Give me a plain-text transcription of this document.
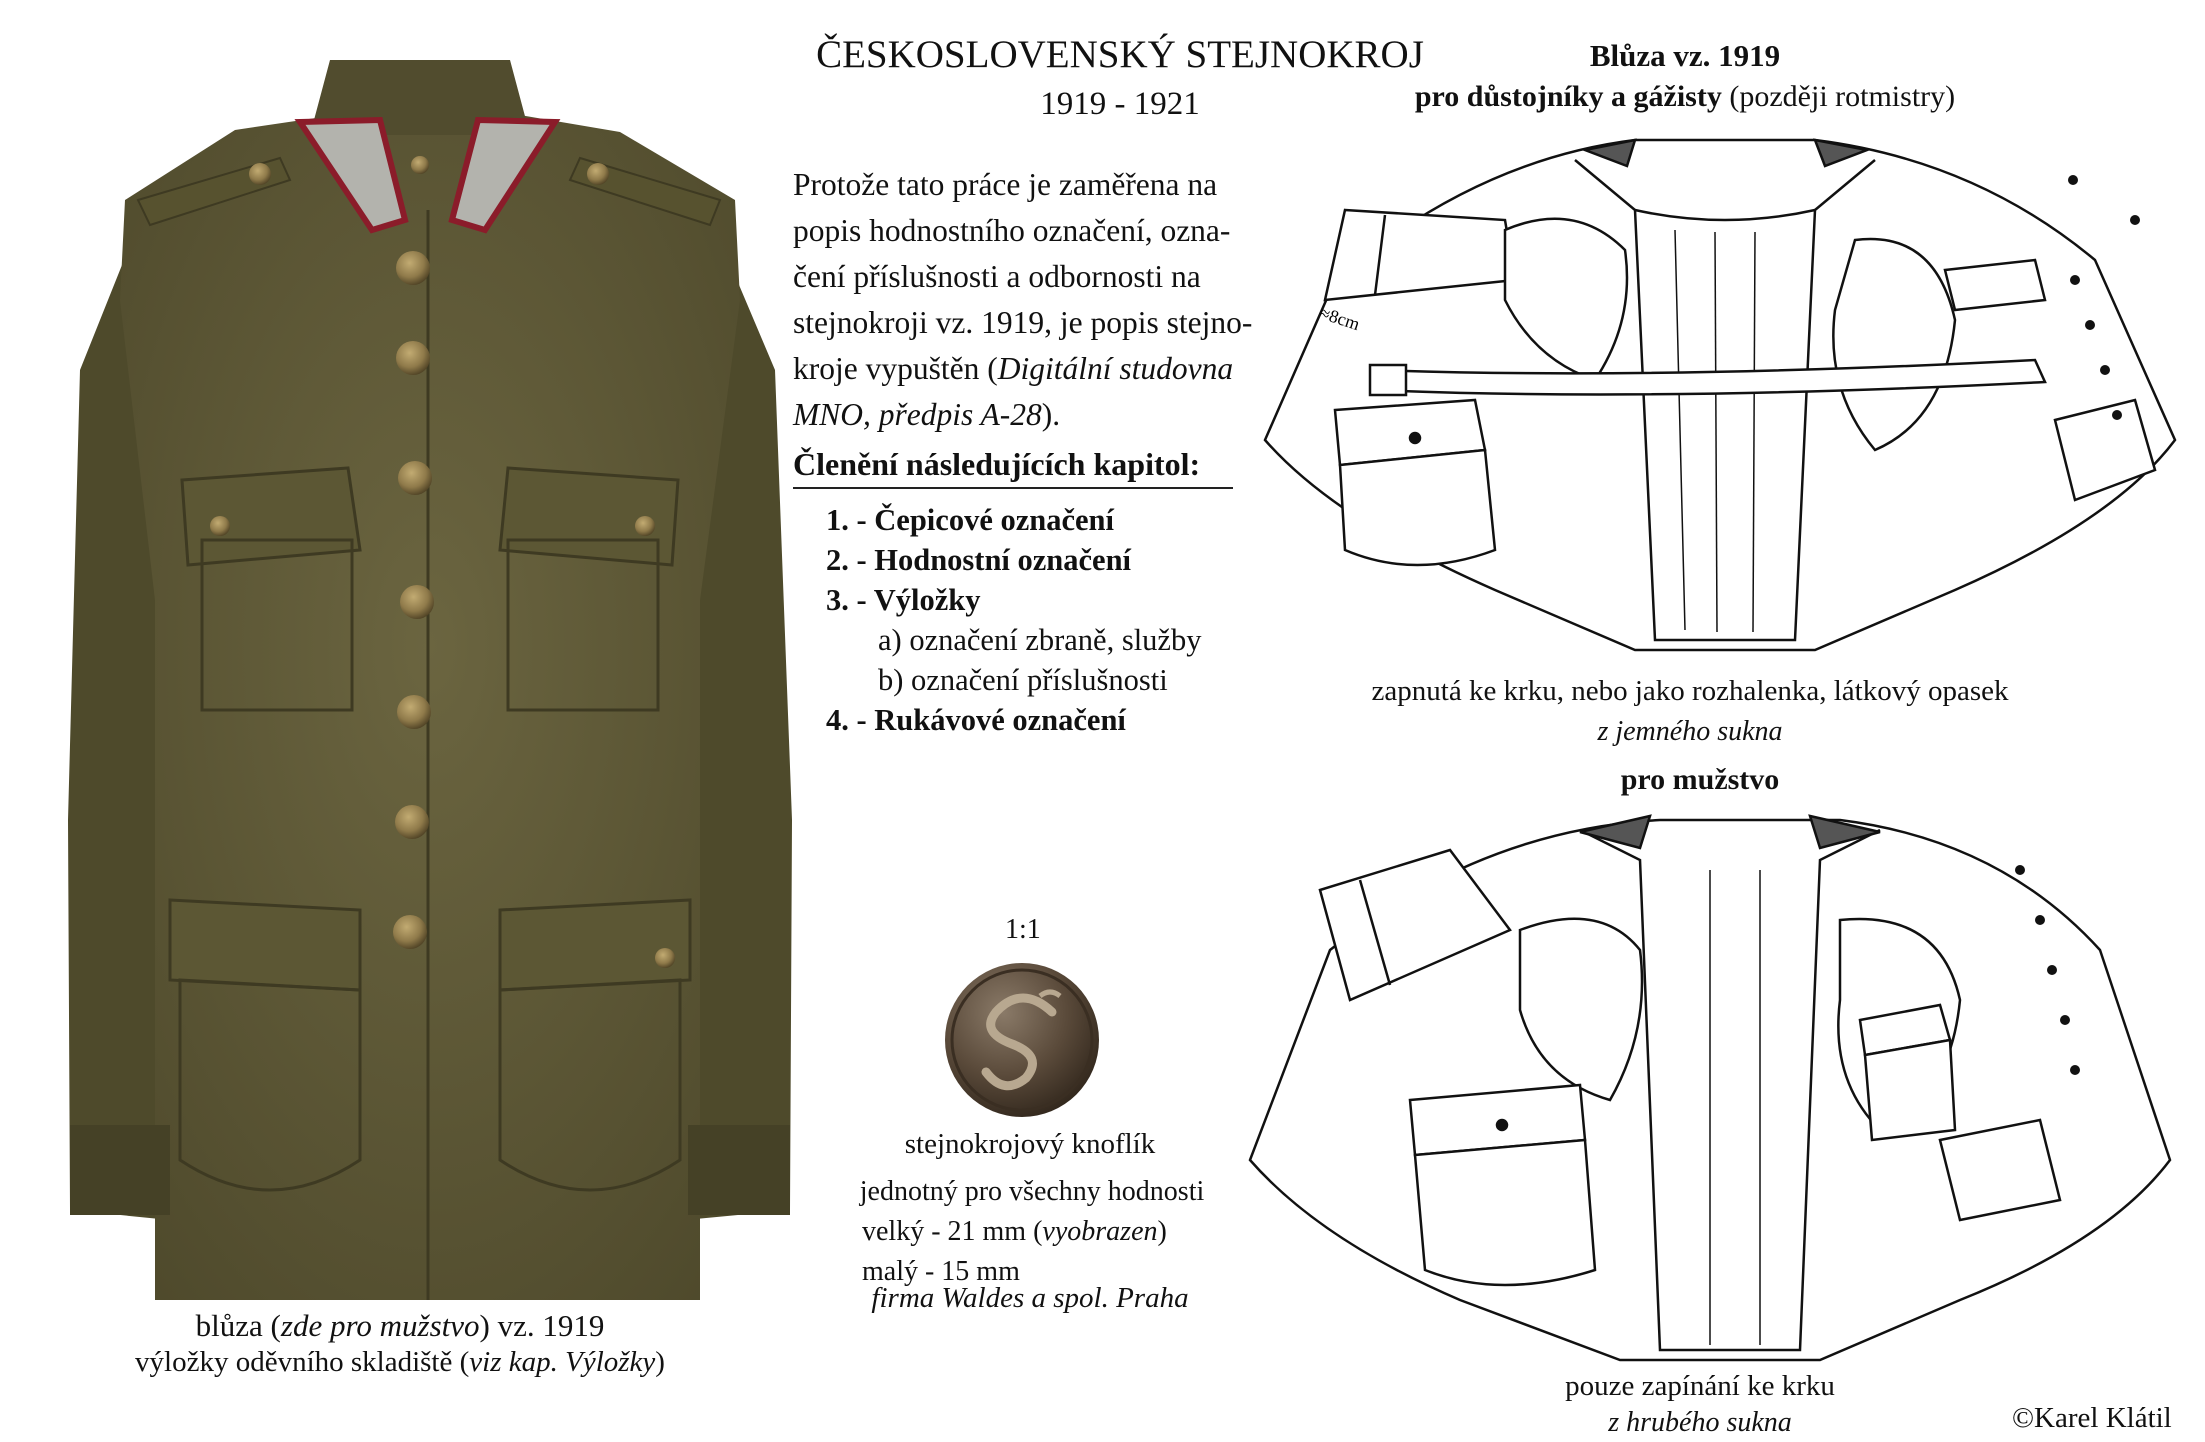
blůza (zde pro mužstvo) vz. 1919
výložky oděvního skladiště (viz kap. Výložky)
ČESKOSLOVENSKÝ STEJNOKROJ
1919 - 1921
Protože tato práce je zaměřena na
popis hodnostního označení, ozna-
čení příslušnosti a odbornosti na
stejnokroji vz. 1919, je popis stejno-
kroje vypuštěn (Digitální studovna
MNO, předpis A-28).
Členění následujících kapitol:
1. - Čepicové označení
2. - Hodnostní označení
3. - Výložky
a) označení zbraně, služby
b) označení příslušnosti
4. - Rukávové označení
1:1
stejnokrojový knoflík
jednotný pro všechny hodnosti
velký - 21 mm (vyobrazen)
malý - 15 mm
firma Waldes a spol. Praha
Blůza vz. 1919
pro důstojníky a gážisty (později rotmistry)
≈8cm
zapnutá ke krku, nebo jako rozhalenka, látkový opasek
z jemného sukna
pro mužstvo
pouze zapínání ke krku
z hrubého sukna	©Karel Klátil
